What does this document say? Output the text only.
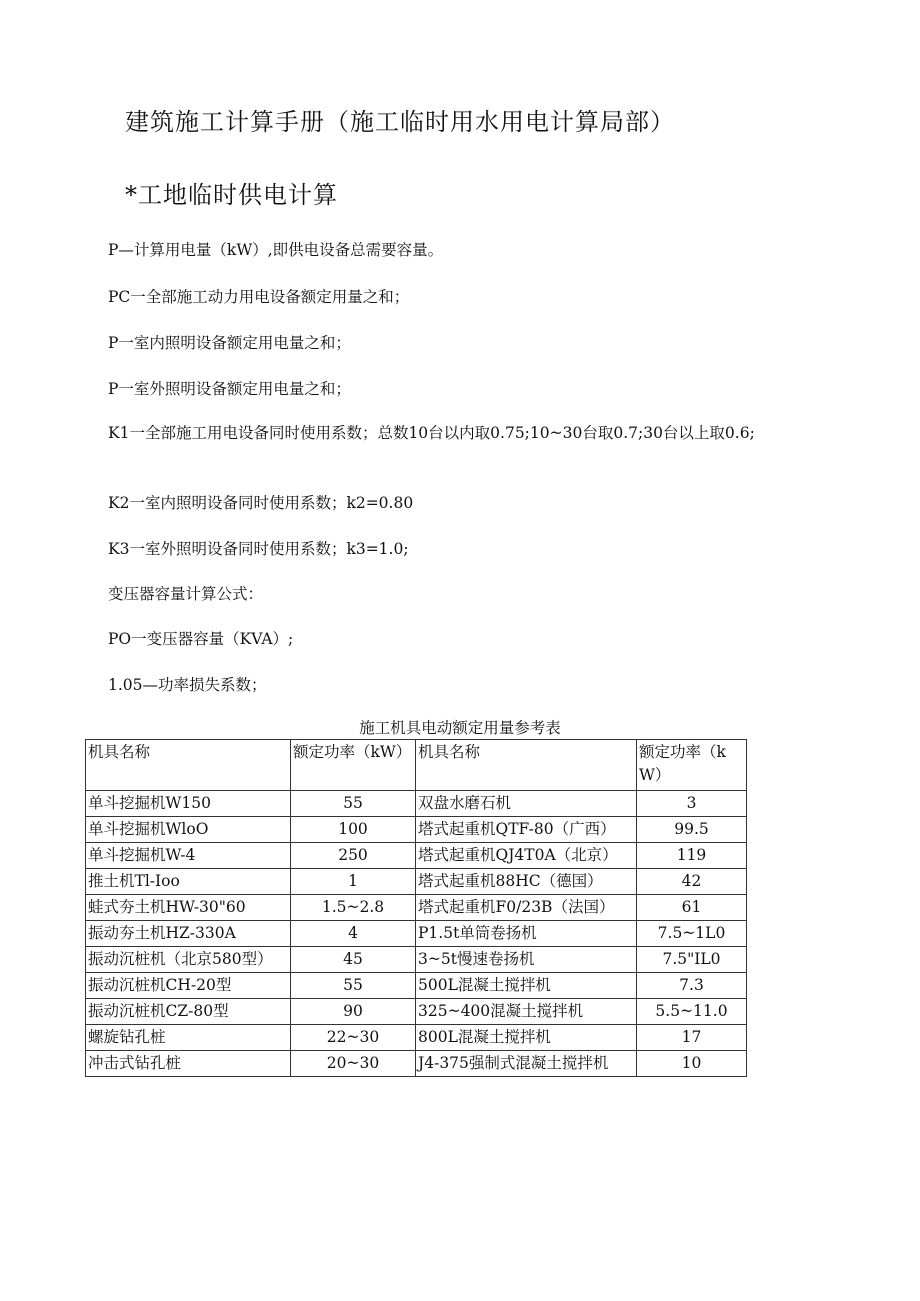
建筑施工计算手册（施工临时用水用电计算局部）
*工地临时供电计算
P—计算用电量（kW）,即供电设备总需要容量。
PC一全部施工动力用电设备额定用量之和；
P一室内照明设备额定用电量之和；
P一室外照明设备额定用电量之和；
K1一全部施工用电设备同时使用系数；总数10台以内取0.75;10~30台取0.7;30台以上取0.6;
K2一室内照明设备同时使用系数；k2=0.80
K3一室外照明设备同时使用系数；k3=1.0;
变压器容量计算公式：
PO一变压器容量（KVA）;
1.05—功率损失系数；
施工机具电动额定用量参考表
机具名称	额定功率（kW）	机具名称	额定功率（kW）
单斗挖掘机W150	55	双盘水磨石机	3
单斗挖掘机WloO	100	塔式起重机QTF-80（广西）	99.5
单斗挖掘机W-4	250	塔式起重机QJ4T0A（北京）	119
推土机Tl-Ioo	1	塔式起重机88HC（德国）	42
蛙式夯土机HW-30"60	1.5~2.8	塔式起重机F0/23B（法国）	61
振动夯土机HZ-330A	4	P1.5t单筒卷扬机	7.5~1L0
振动沉桩机（北京580型）	45	3~5t慢速卷扬机	7.5"IL0
振动沉桩机CH-20型	55	500L混凝土搅拌机	7.3
振动沉桩机CZ-80型	90	325~400混凝土搅拌机	5.5~11.0
螺旋钻孔桩	22~30	800L混凝土搅拌机	17
冲击式钻孔桩	20~30	J4-375强制式混凝土搅拌机	10
